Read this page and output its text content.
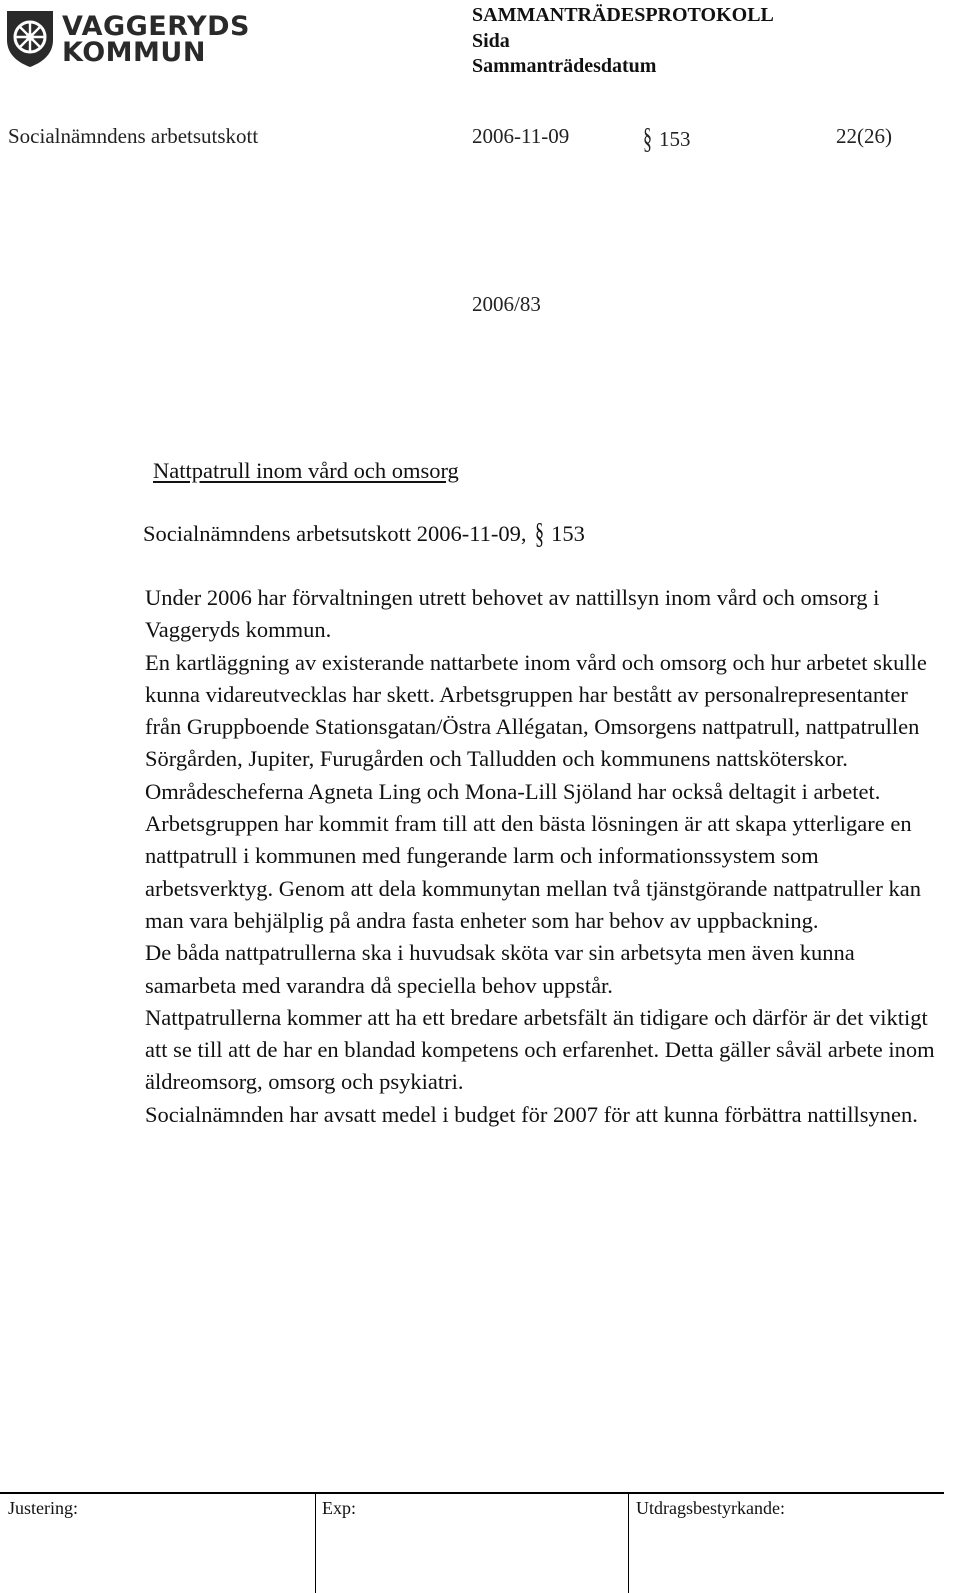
VAGGERYDS
KOMMUN
SAMMANTRÄDESPROTOKOLL
Sida
Sammanträdesdatum
Socialnämndens arbetsutskott	2006-11-09 § 153	22(26)
2006/83
Nattpatrull inom vård och omsorg
Socialnämndens arbetsutskott 2006-11-09, § 153

Under 2006 har förvaltningen utrett behovet av nattillsyn inom vård och omsorg i Vaggeryds kommun.

En kartläggning av existerande nattarbete inom vård och omsorg och hur arbetet skulle kunna vidareutvecklas har skett. Arbetsgruppen har bestått av personalrepresentanter från Gruppboende Stationsgatan/Östra Allégatan, Omsorgens nattpatrull, nattpatrullen Sörgården, Jupiter, Furugården och Talludden och kommunens nattsköterskor. Områdescheferna Agneta Ling och Mona-Lill Sjöland har också deltagit i arbetet.

Arbetsgruppen har kommit fram till att den bästa lösningen är att skapa ytterligare en nattpatrull i kommunen med fungerande larm och informationssystem som arbetsverktyg. Genom att dela kommunytan mellan två tjänstgörande nattpatruller kan man vara behjälplig på andra fasta enheter som har behov av uppbackning.

De båda nattpatrullerna ska i huvudsak sköta var sin arbetsyta men även kunna samarbeta med varandra då speciella behov uppstår.

Nattpatrullerna kommer att ha ett bredare arbetsfält än tidigare och därför är det viktigt att se till att de har en blandad kompetens och erfarenhet. Detta gäller såväl arbete inom äldreomsorg, omsorg och psykiatri.

Socialnämnden har avsatt medel i budget för 2007 för att kunna förbättra nattillsynen.

Justering:	Exp:	Utdragsbestyrkande:
